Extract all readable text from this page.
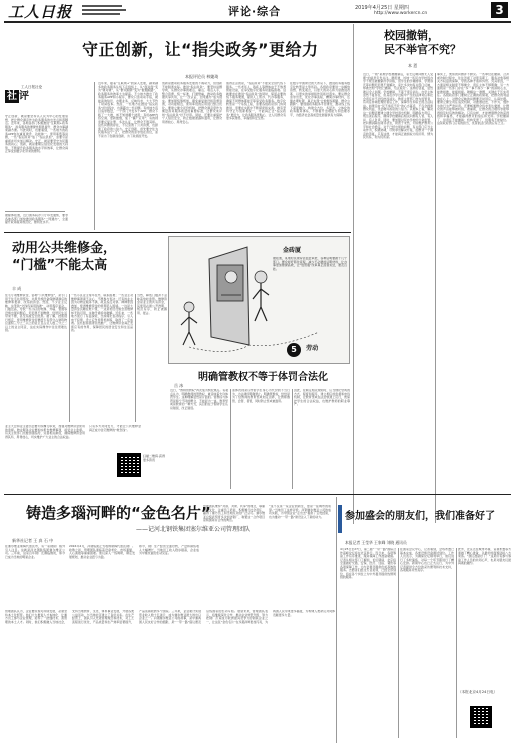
工人日报	评论·综合	2019年4月25日 星期四
http://www.workercn.cn	3
守正创新，让“指尖政务”更给力
本报评论员 林婕琦
工人日报社论
社 评
守正创新，就是要坚持以人民为中心的发展思想，把让群众满意作为政务服务的出发点和落脚点。近年来，各地各部门积极推进“互联网+政务服务”，政务服务的便捷性明显提升，群众办事越来越方便。与此同时，也要看到，一些地方的政务APP存在重复建设、功能单一、使用率低等问题，一些“指尖政务”成了“指尖负担”，需要引起重视并切实加以解决。守正，就是要坚守为民服务的初心；创新，就是要顺应信息化发展的大趋势，不断提升政务服务的水平和效率，让群众真正享受到数字化带来的便利。
据媒体报道，近日国务院办公厅印发通知，要求各地各部门加快推进政务服务“一网通办”，全面提升政务服务规范化、便利化水平。
近年来，随着“互联网+”的深入发展，越来越多的政务服务从线下走到线上，从“面对面”变为“键对键”，从“群众跑腿”变为“数据跑路”，政务服务的效率大为提高。不少地方推出了政务服务APP和小程序，群众只需动动手指，就能查询信息、办理业务、反映诉求，大大节约了时间成本。然而，一些地方在推进“指尖政务”的过程中，也暴露出一些问题。有的地方盲目追求数量，一个部门开发多个APP，群众下载了一大堆，却不知道哪个能用；有的APP内容空洞、更新缓慢，成了“僵尸应用”；有的则需要反复注册、多次认证，让群众不胜其烦。这些问题的存在，不仅浪费了公共资源，也损害了政府的公信力。守正创新，首先要守住为民服务这个“正”，把群众的需求放在首位，而不是为了创新而创新、为了政绩而开发。
创新是推动政务服务发展的不竭动力，但创新不能脱离实际。推进“指尖政务”，要坚持问题导向，从群众办事的难点、痛点、堵点入手，整合资源、统一标准、打通壁垒，推动政务数据共享共用，让“一次认证、全网通办”成为现实。要加强统筹规划，避免重复建设和资源浪费，对功能相近、使用率低的应用进行整合优化。要建立健全评价机制，把群众满意度作为衡量政务服务质量的重要标准，让群众来评判“指尖政务”好不好用。同时，还要注重保护个人信息安全，防止数据泄露和滥用，让群众用得放心、用得安心。
值得注意的是，“指尖政务”不能完全替代线下服务。一些老年人、残疾人等群体由于不熟悉智能设备，在享受数字化服务时面临困难。这就要求在推进“指尖政务”的同时，保留必要的线下服务渠道，提供人工帮办、代办等服务，确保不同群体都能平等享受政务服务。数字化转型是一个系统工程，需要各级政府部门协同推进，需要在实践中不断探索和完善。唯有坚持守正与创新相统一，才能真正让“指尖政务”更给力，让政务服务更贴心，让人民群众有更多获得感、幸福感和安全感。
在数字中国建设的大背景下，推进政务服务数字化转型是大势所趋。各级政府要进一步解放思想、转变观念，以更大的决心和力度推进改革，以更实的举措和作风抓好落实。要从群众需求出发，优化办事流程，精简办事材料，压缩办理时限，真正实现“让数据多跑路、群众少跑腿”。要加强政务服务平台建设，推动线上线下深度融合，构建全方位、多层次、立体化的政务服务体系，不断提升治理能力和治理水平，为经济社会高质量发展提供有力保障。
校园撤销，
民不举官不究？
本 恩
近日，一则“某地学校被撤销后，家长反映问题无人受理”的消息引发关注。据报道，该地一所民办学校因办学不规范被撤销办学资格，但学生的学籍转移、学费退还等问题迟迟得不到解决，家长多次向有关部门反映，却被告知“学校已撤销，无法追究”。这样的答复，显然难以令人信服。学校撤销，不等于责任消失。办学主体虽然不复存在，但其在办学过程中产生的法律责任和社会责任并不会因此而消失。教育主管部门作为监管者，有责任协调处理好善后工作，保障学生和家长的合法权益。如果任由“民不举官不究”的心态蔓延，不仅会损害群众利益，也会破坏政府的公信力。从根本上看，解决这一问题需要建立健全学校退出机制，明确各方责任，规范善后程序，确保学校撤销后相关问题有人管、有人问、有人负责。同时，要加强对民办学校的日常监管，把问题消除在萌芽状态，防患于未然，切实维护教育公平和社会稳定。对于已经出现的问题，有关部门应当主动作为，积极协调，尽快拿出解决方案，给群众一个满意的答复。只有这样，才能真正做到权为民所用、情为民所系、利为民所谋。
事实上，类似的问题并不鲜见。一些单位在撤销、合并或改制过程中，往往忽视了对原有职工、服务对象等相关方权益的保障，导致各种矛盾和纠纷。究其原因，一方面是相关制度不够健全，责任主体不够明确；另一方面则是一些部门存在“多一事不如少一事”的消极心态，能推则推、能拖则拖。破解这一难题，关键在于压实责任。各级政府部门要树立正确的政绩观，把群众的利益放在心上，对群众反映的问题要及时回应、认真处理。要建立健全责任追究机制，对推诿扯皮、不作为、慢作为的行为严肃问责。还要畅通群众诉求表达渠道，让群众的声音能够被听到、被重视，让群众的合理诉求能够得到及时有效的解决。只有这样，才能增强群众的获得感和幸福感，才能赢得群众的信任和支持。学校撤销了，但责任不能撤销；机构变更了，但服务不能缺位。这是政府部门应有的担当，也是依法行政的应有之义。
动用公共维修金，
“门槛”不能太高
丰 成
住宅专项维修资金，俗称“公共维修金”，是专门用于住宅共用部位、共用设施设备保修期满后的维修和更新、改造的资金。然而，不少业主反映，这笔钱“交钱容易用钱难”，动用程序复杂、门槛过高，导致一些小区的电梯、外墙、管道等设施出现问题后，迟迟得不到维修，给居民生活带来不便，甚至造成安全隐患。据了解，按照现行规定，使用维修资金需要经专有部分占建筑物总面积三分之二以上的业主且占总人数三分之二以上的业主同意，这在实际操作中往往很难达到。
一些小区业主常年在外，联系困难；一些业主对维修事项漠不关心，不愿参与表决；还有的业主因为对物业服务不满，故意投反对票。种种原因叠加，使得维修资金的使用陷入困境。一边是大量资金沉睡在账户里，一边是老旧设施急需维修却无钱可用，这种矛盾亟待破解。近年来，一些地方进行了有益探索，比如简化表决程序、引入电子投票、设立应急使用机制等，取得了一定成效。这些经验值得总结推广，让维修资金真正发挥应有的作用，保障居民的居住安全和生活品质。
当然，降低门槛并不意味着放松监管。维修资金是业主的共有资金，其使用必须公开透明、规范有序，防止被挪用、侵占。
据报道，某地村民建房需层层审批，各种证明要跑十几个部门。群众呼吁简化流程，减少不必要的证明材料，让办事更加便捷高效，让“放管服”改革真正落到实处，惠及百姓。
金砖厦
5 劳动
明确管教权不等于体罚合法化
岳 冰
近日，“教师管教权”再次成为舆论焦点。有观点认为，明确教师的管教权，就意味着允许体罚学生。这种理解显然是片面的。管教权与体罚是两个不同的概念，不能混为一谈。教育惩戒是教育的一种方式，其目的在于帮助学生认识错误、改正错误。
而体罚则是以伤害学生身心为代价的不当行为，为法律所明确禁止。明确管教权，恰恰是为了给教师的教育惩戒划定边界，让教师敢管、会管、善管，同时防止惩戒被滥用。
因此，在制定相关规则时，应当细化惩戒的方式、程度和程序，建立相应的监督和申诉机制，让教育惩戒在法治轨道上运行，既保护学生的合法权益，也维护教师的职业尊严。
业主大会和业主委员会要切实履行职责，加强对维修资金使用的监督。物业服务企业要如实报告维修事项，接受业主监督。有关主管部门也要加强指导，完善相关制度，确保维修资金用得其所、用得放心，切实维护广大业主的合法权益。
只有多方共同发力，才能让公共维修金真正成为住宅维修的“救急钱”。
扫描二维码·获得更多资讯
铸造多瑙河畔的“金色名片”
——记河北钢铁集团塞尔维亚公司管理团队
新华社记者 王 真 石 中
在塞尔维亚斯梅代雷沃市，有一家钢铁厂格外引人注目。这就是河北钢铁集团塞尔维亚公司。三年前，这家百年钢厂还濒临倒闭，如今已成为当地的明星企业。
2016年4月，河钢集团正式收购斯梅代雷沃钢厂。收购之初，管理团队面临着设备老化、市场萎缩、人心涣散等重重困难。他们深入一线调研，制定发展规划，推动企业扭亏为盈。
如今，钢厂生产经营全面好转，产量和销售收入大幅增长，当地员工收入稳步提高，企业成为中塞友谊的生动见证。
管理团队秉持“共商、共建、共享”的理念，尊重当地文化，注重员工培训，积极履行社会责任，赢得了塞方员工和当地民众的广泛认可。塞尔维亚总统武契奇多次到访钢厂，称赞这一合作项目是两国务实合作的典范。
“这不仅是一家企业的新生，更是一座城市的希望。”当地员工这样评价。河钢塞尔维亚公司的成功实践，为中国企业“走出去”提供了宝贵经验，也为推动“一带一路”建设注入了新的动力。
管理团队认为，企业要实现可持续发展，必须坚持本土化经营。他们大力推进人才本地化，让塞方员工参与企业管理，培养了一批懂技术、善管理的本土人才。同时，他们积极融入当地社会，支持当地教育、文化、体育事业发展，开展各类公益活动，与当地社区建立了良好关系。在生产经营上，团队引入先进管理理念和技术，对工艺流程进行优化，产品质量和生产效率显著提升，产品远销欧洲多个国家。三年来，企业累计实现营业收入数十亿美元，成为塞尔维亚最大的出口企业之一。河钢塞尔维亚公司的故事，是中塞两国人民友好合作的缩影，是“一带一路”倡议惠及沿线国家的生动写照。展望未来，管理团队表示，将继续深化合作，推动企业转型升级，努力把钢厂打造成为欧洲最具竞争力的钢铁企业之一，让这张“金色名片”在多瑙河畔更加闪亮，为两国人民带来更多福祉，为构建人类命运共同体贡献更多力量。
参加盛会的朋友们，我们准备好了
本报记者 王莹华 王家峰 刘晓 通讯员
4月25日至27日，第二届“一带一路”国际合作高峰论坛将在北京举行。连日来，各项筹备工作有序推进，服务保障工作准备就绪。记者从相关部门了解到，论坛期间，北京将全面做好交通、安保、医疗、住宿、餐饮等各项保障工作，为与会嘉宾提供优质高效的服务。志愿者们经过专业培训，已经全部到位，将在各个岗位上为中外嘉宾提供热情周到的服务。
在国家会议中心，记者看到，会场布置已基本完成，各类设施设备调试到位。工作人员表示，为确保论坛顺利举行，他们进行了多轮演练，对每一个环节都进行了精心安排。新闻中心也已正式运行，为中外记者提供全方位的采访便利和技术支持，各项服务井然有序。
此外，北京还在城市环境、景观布置等方面做了精心准备，以最好的面貌迎接八方来客。“我们准备好了！”这是所有参与筹备工作人员的共同心声，也是对朋友们最真诚的邀约。
（本报北京4月24日电）
